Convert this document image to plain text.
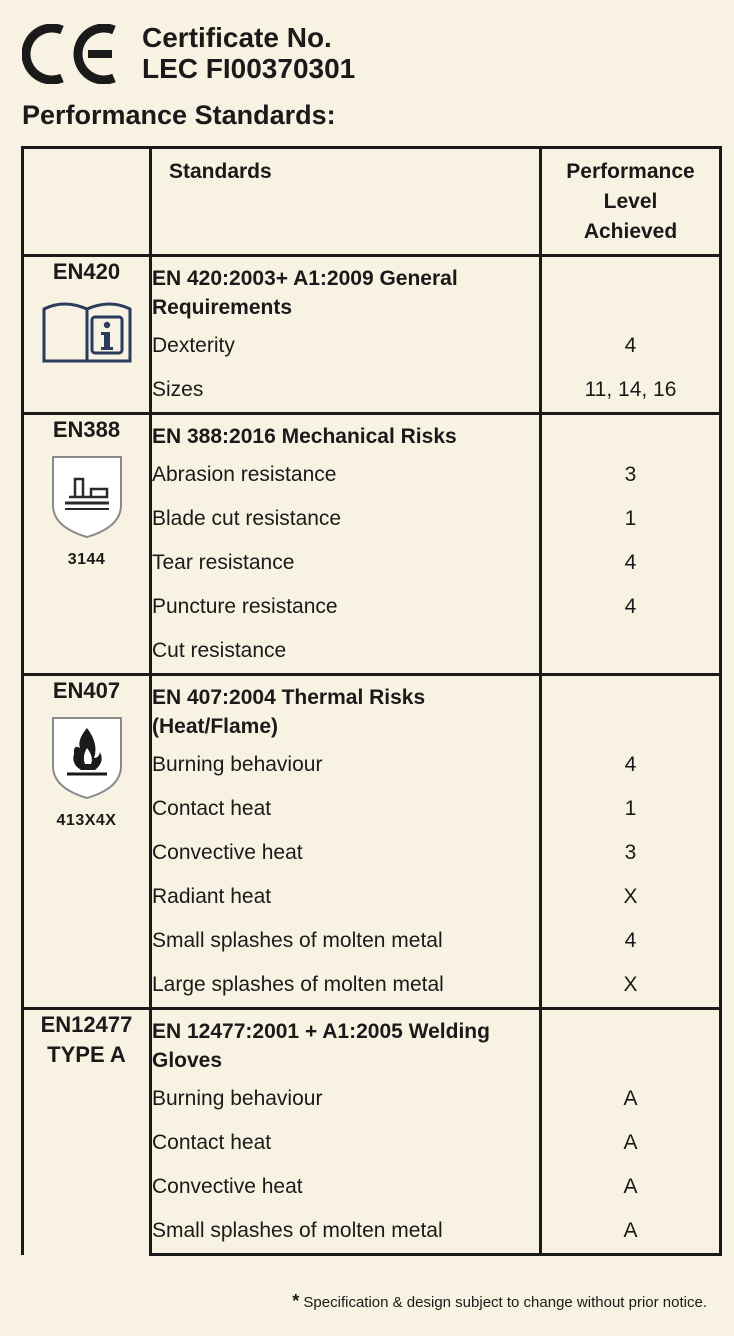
Certificate No.
LEC FI00370301
Performance Standards:
	Standards	Performance Level Achieved

EN420	EN 420:2003+ A1:2009 General Requirements	
	Dexterity	4
	Sizes	11, 14, 16

EN388
3144	EN 388:2016 Mechanical Risks	
	Abrasion resistance	3
	Blade cut resistance	1
	Tear resistance	4
	Puncture resistance	4
	Cut resistance	

EN407
413X4X	EN 407:2004 Thermal Risks (Heat/Flame)	
	Burning behaviour	4
	Contact heat	1
	Convective heat	3
	Radiant heat	X
	Small splashes of molten metal	4
	Large splashes of molten metal	X

EN12477
TYPE A	EN 12477:2001 + A1:2005 Welding Gloves	
	Burning behaviour	A
	Contact heat	A
	Convective heat	A
	Small splashes of molten metal	A
* Specification & design subject to change without prior notice.
